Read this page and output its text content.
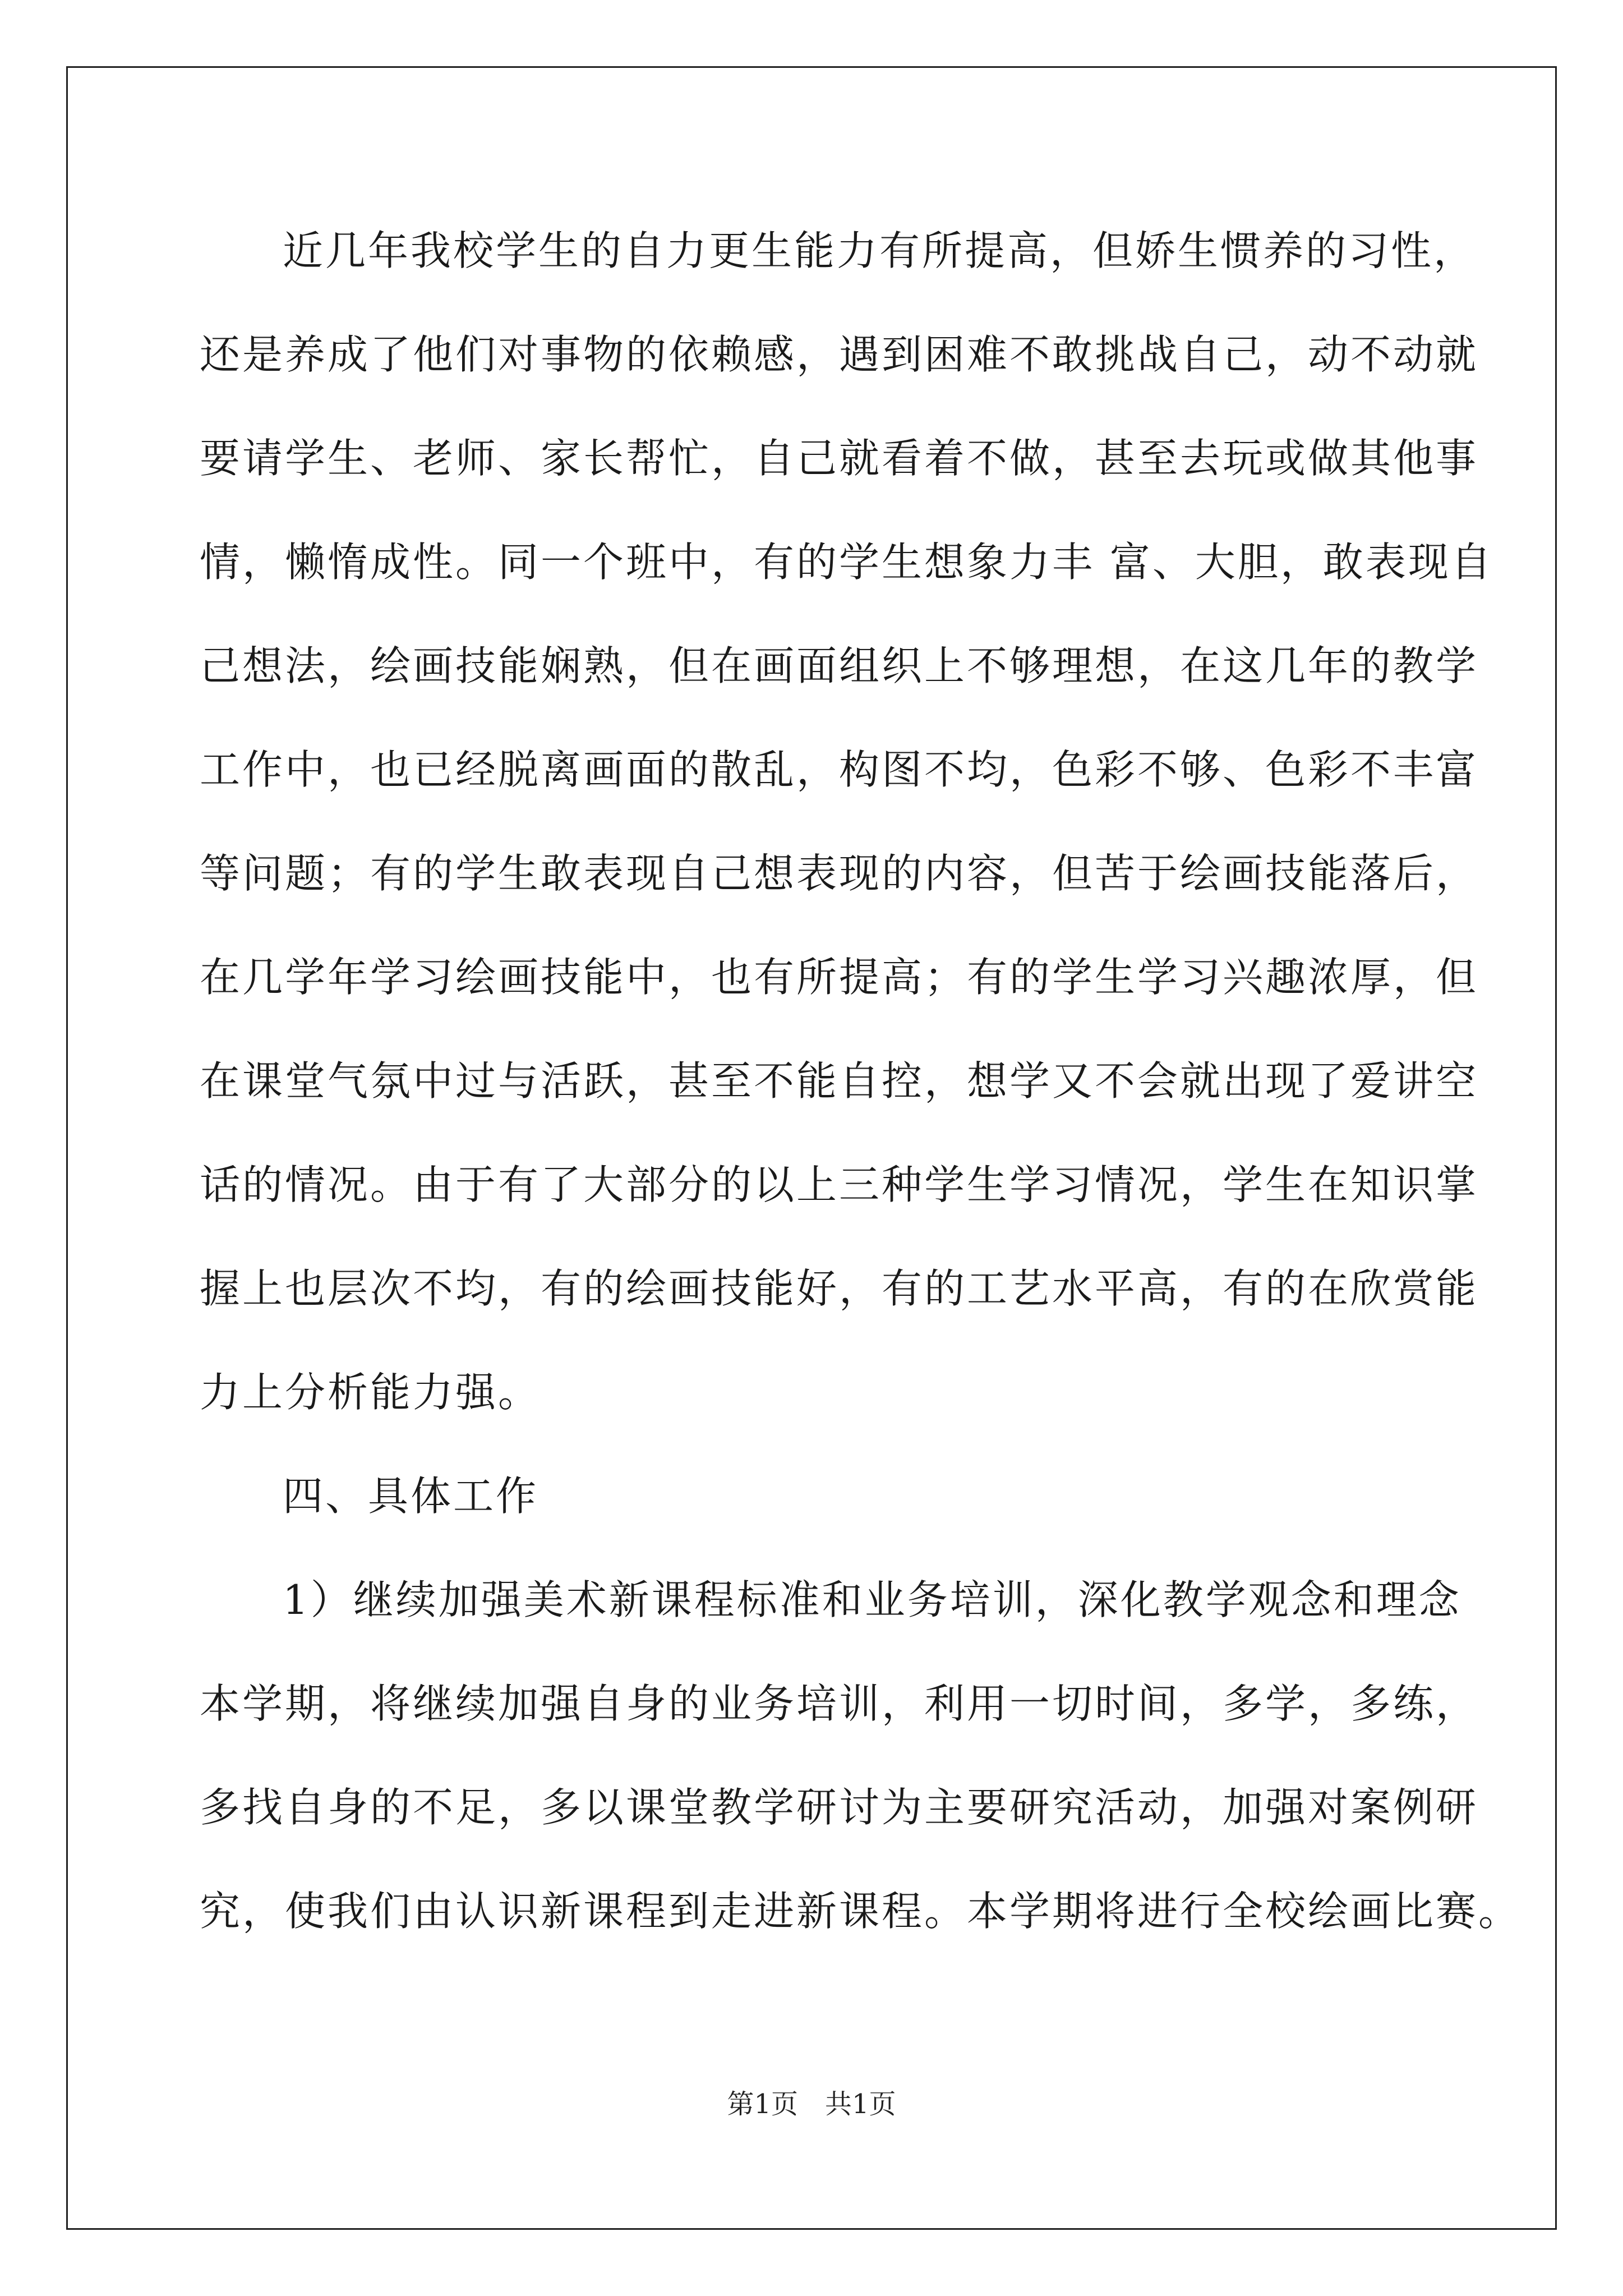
近几年我校学生的自力更生能力有所提高，但娇生惯养的习性，
还是养成了他们对事物的依赖感，遇到困难不敢挑战自己，动不动就
要请学生、老师、家长帮忙，自己就看着不做，甚至去玩或做其他事
情，懒惰成性。同一个班中，有的学生想象力丰 富、大胆，敢表现自
己想法，绘画技能娴熟，但在画面组织上不够理想，在这几年的教学
工作中，也已经脱离画面的散乱，构图不均，色彩不够、色彩不丰富
等问题；有的学生敢表现自己想表现的内容，但苦于绘画技能落后，
在几学年学习绘画技能中，也有所提高；有的学生学习兴趣浓厚，但
在课堂气氛中过与活跃，甚至不能自控，想学又不会就出现了爱讲空
话的情况。由于有了大部分的以上三种学生学习情况，学生在知识掌
握上也层次不均，有的绘画技能好，有的工艺水平高，有的在欣赏能
力上分析能力强。
四、具体工作
1）继续加强美术新课程标准和业务培训，深化教学观念和理念
本学期，将继续加强自身的业务培训，利用一切时间，多学，多练，
多找自身的不足，多以课堂教学研讨为主要研究活动，加强对案例研
究，使我们由认识新课程到走进新课程。本学期将进行全校绘画比赛。
第1页　共1页
